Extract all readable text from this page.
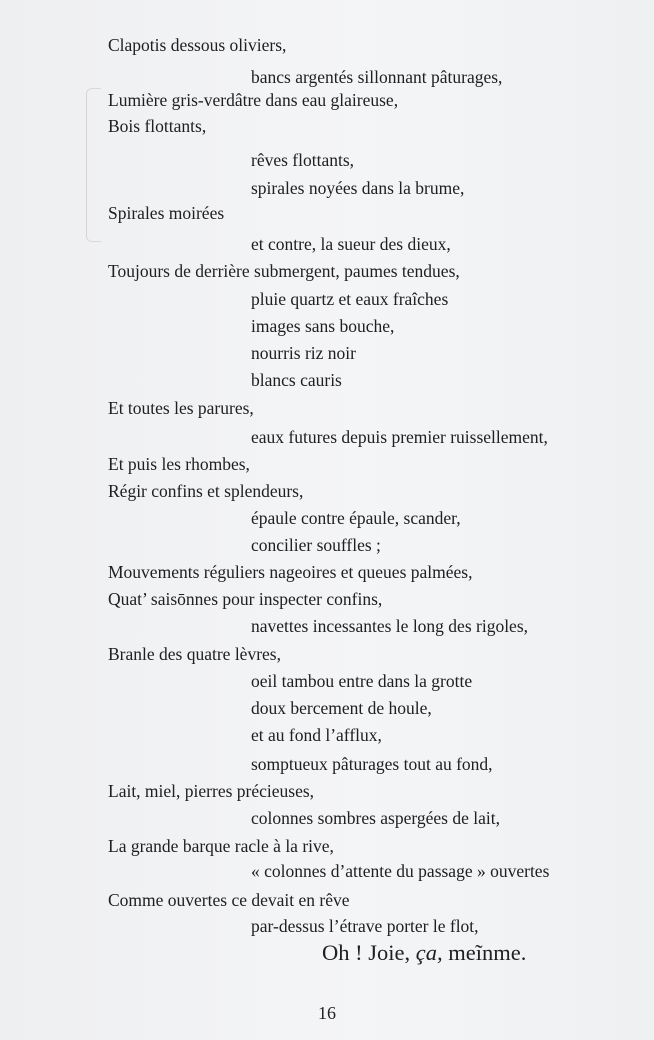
Clapotis dessous oliviers,
bancs argentés sillonnant pâturages,
Lumière gris-verdâtre dans eau glaireuse,
Bois flottants,
rêves flottants,
spirales noyées dans la brume,
Spirales moirées
et contre, la sueur des dieux,
Toujours de derrière submergent, paumes tendues,
pluie quartz et eaux fraîches
images sans bouche,
nourris riz noir
blancs cauris
Et toutes les parures,
eaux futures depuis premier ruissellement,
Et puis les rhombes,
Régir confins et splendeurs,
épaule contre épaule, scander,
concilier souffles ;
Mouvements réguliers nageoires et queues palmées,
Quat’ saisōnnes pour inspecter confins,
navettes incessantes le long des rigoles,
Branle des quatre lèvres,
oeil tambou entre dans la grotte
doux bercement de houle,
et au fond l’afflux,
somptueux pâturages tout au fond,
Lait, miel, pierres précieuses,
colonnes sombres aspergées de lait,
La grande barque racle à la rive,
« colonnes d’attente du passage » ouvertes
Comme ouvertes ce devait en rêve
par-dessus l’étrave porter le flot,
Oh ! Joie, ça, meĩnme.
16
